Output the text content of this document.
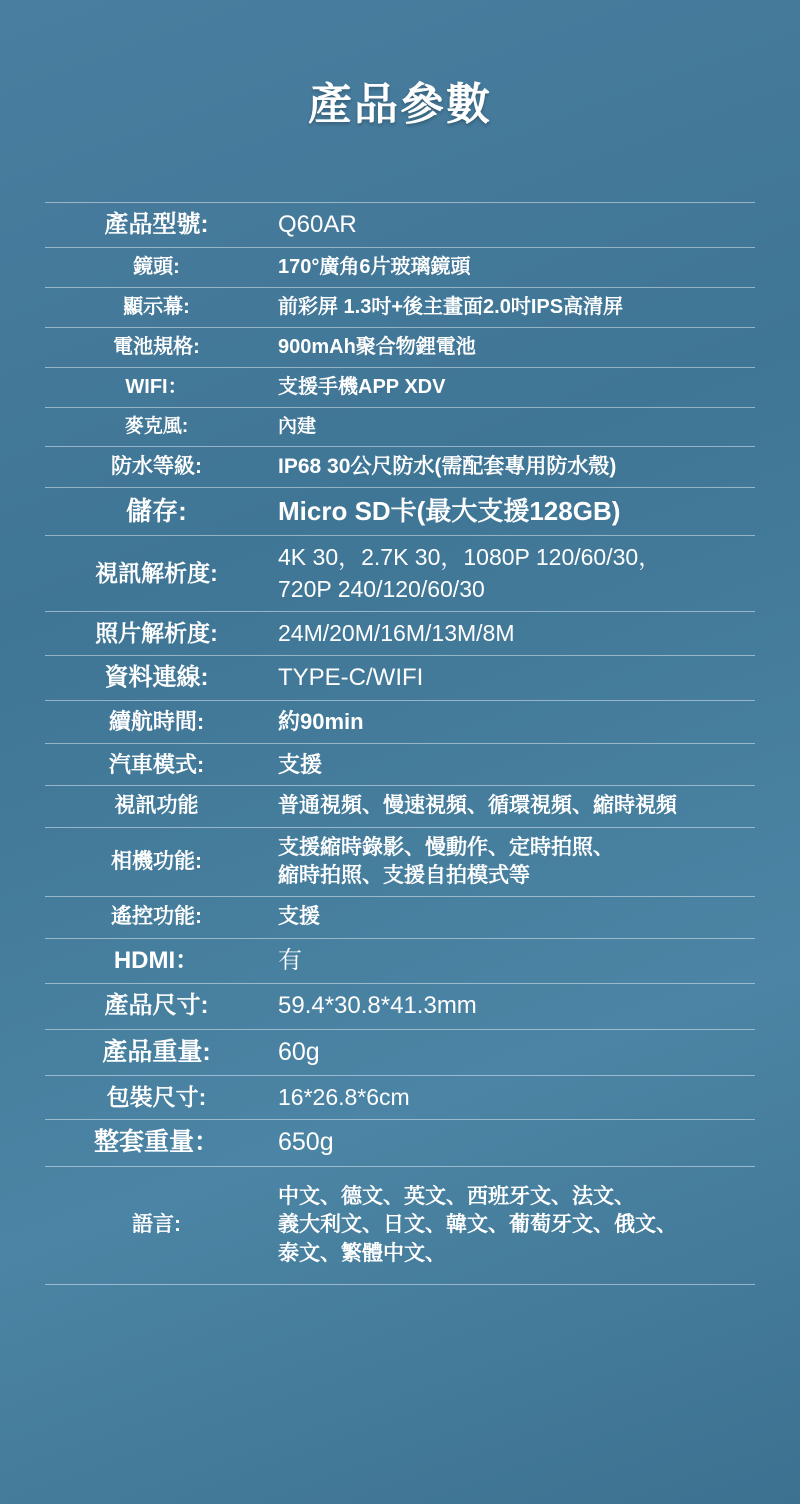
產品參數
產品型號:	Q60AR

鏡頭:	170°廣角6片玻璃鏡頭

顯示幕:	前彩屏 1.3吋+後主畫面2.0吋IPS高清屏

電池規格:	900mAh聚合物鋰電池

WIFI：	支援手機APP XDV

麥克風:	內建

防水等級:	IP68 30公尺防水(需配套專用防水殼)

儲存:	Micro SD卡(最大支援128GB)

視訊解析度:	4K 30，2.7K 30，1080P 120/60/30，
720P 240/120/60/30

照片解析度:	24M/20M/16M/13M/8M

資料連線:	TYPE-C/WIFI

續航時間:	約90min

汽車模式:	支援

視訊功能	普通視頻、慢速視頻、循環視頻、縮時視頻

相機功能:	支援縮時錄影、慢動作、定時拍照、
縮時拍照、支援自拍模式等

遙控功能:	支援

HDMI：	有

產品尺寸:	59.4*30.8*41.3mm

產品重量:	60g

包裝尺寸:	16*26.8*6cm

整套重量：	650g

語言:	中文、德文、英文、西班牙文、法文、
義大利文、日文、韓文、葡萄牙文、俄文、
泰文、繁體中文、
